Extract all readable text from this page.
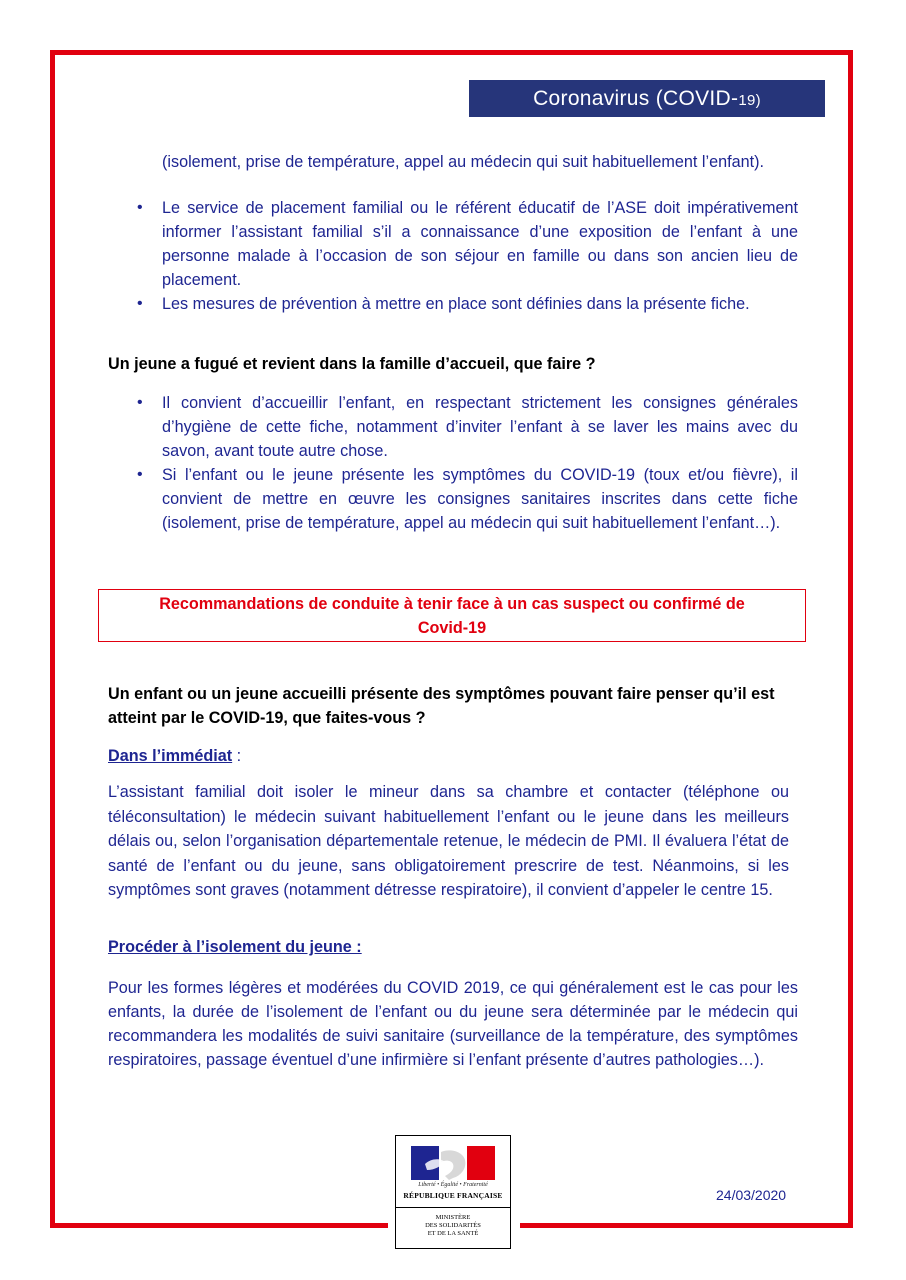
Coronavirus (COVID-19)
(isolement, prise de température, appel au médecin qui suit habituellement l’enfant).
• Le service de placement familial ou le référent éducatif de l’ASE doit impérativement informer l’assistant familial s’il a connaissance d’une exposition de l’enfant à une personne malade à l’occasion de son séjour en famille ou dans son ancien lieu de placement.
• Les mesures de prévention à mettre en place sont définies dans la présente fiche.
Un jeune a fugué et revient dans la famille d’accueil, que faire ?
• Il convient d’accueillir l’enfant, en respectant strictement les consignes générales d’hygiène de cette fiche, notamment d’inviter l’enfant à se laver les mains avec du savon, avant toute autre chose.
• Si l’enfant ou le jeune présente les symptômes du COVID-19 (toux et/ou fièvre), il convient de mettre en œuvre les consignes sanitaires inscrites dans cette fiche (isolement, prise de température, appel au médecin qui suit habituellement l’enfant…).
Recommandations de conduite à tenir face à un cas suspect ou confirmé de
Covid-19
Un enfant ou un jeune accueilli présente des symptômes pouvant faire penser qu’il est atteint par le COVID-19, que faites-vous ?
Dans l’immédiat :
L’assistant familial doit isoler le mineur dans sa chambre et contacter (téléphone ou téléconsultation) le médecin suivant habituellement l’enfant ou le jeune dans les meilleurs délais ou, selon l’organisation départementale retenue, le médecin de PMI. Il évaluera l’état de santé de l’enfant ou du jeune, sans obligatoirement prescrire de test. Néanmoins, si les symptômes sont graves (notamment détresse respiratoire), il convient d’appeler le centre 15.
Procéder à l’isolement du jeune :
Pour les formes légères et modérées du COVID 2019, ce qui généralement est le cas pour les enfants, la durée de l’isolement de l’enfant ou du jeune sera déterminée par le médecin qui recommandera les modalités de suivi sanitaire (surveillance de la température, des symptômes respiratoires, passage éventuel d’une infirmière si l’enfant présente d’autres pathologies…).
Liberté • Égalité • Fraternité
RÉPUBLIQUE FRANÇAISE
MINISTÈRE
DES SOLIDARITÉS
ET DE LA SANTÉ
24/03/2020
